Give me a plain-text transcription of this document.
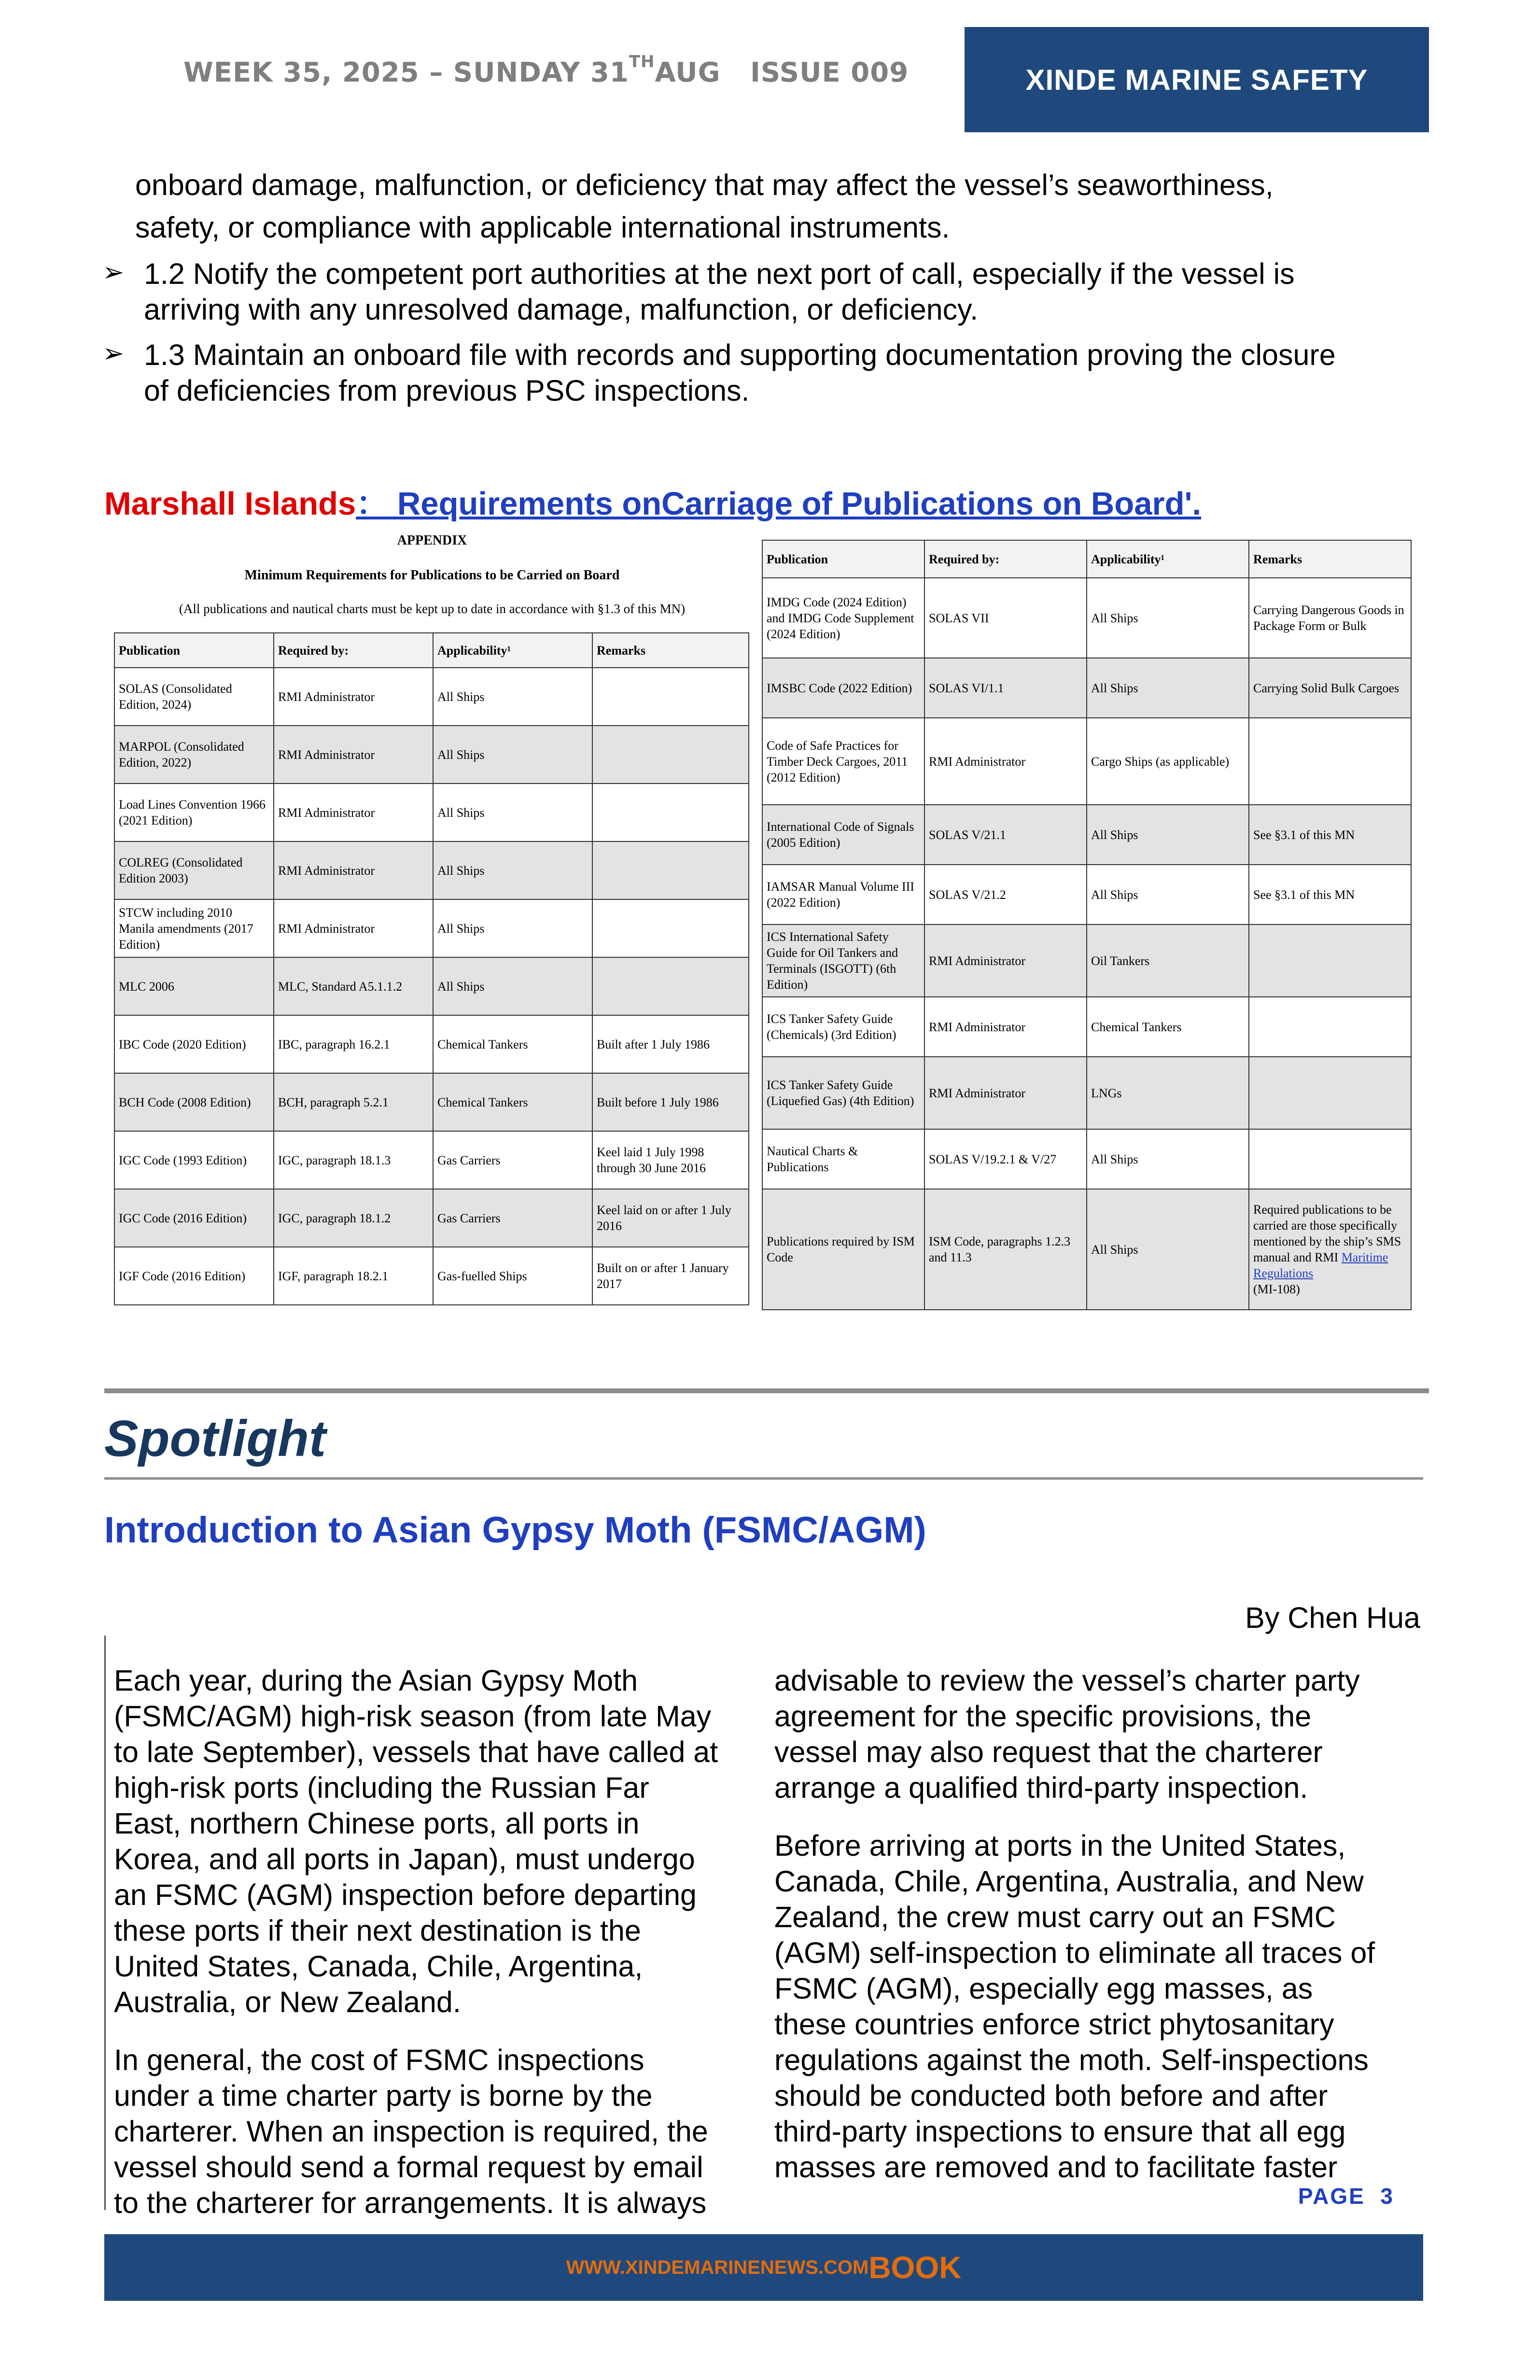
WEEK 35, 2025 – SUNDAY 31THAUG ISSUE 009	XINDE MARINE SAFETY
onboard damage, malfunction, or deficiency that may affect the vessel’s seaworthiness,
safety, or compliance with applicable international instruments.
➢ 1.2 Notify the competent port authorities at the next port of call, especially if the vessel is
arriving with any unresolved damage, malfunction, or deficiency.
➢ 1.3 Maintain an onboard file with records and supporting documentation proving the closure
of deficiencies from previous PSC inspections.
Marshall Islands： Requirements onCarriage of Publications on Board'.
APPENDIX
Minimum Requirements for Publications to be Carried on Board
(All publications and nautical charts must be kept up to date in accordance with §1.3 of this MN)
Publication	Required by:	Applicability¹	Remarks
SOLAS (Consolidated Edition, 2024)	RMI Administrator	All Ships	
MARPOL (Consolidated Edition, 2022)	RMI Administrator	All Ships	
Load Lines Convention 1966 (2021 Edition)	RMI Administrator	All Ships	
COLREG (Consolidated Edition 2003)	RMI Administrator	All Ships	
STCW including 2010 Manila amendments (2017 Edition)	RMI Administrator	All Ships	
MLC 2006	MLC, Standard A5.1.1.2	All Ships	
IBC Code (2020 Edition)	IBC, paragraph 16.2.1	Chemical Tankers	Built after 1 July 1986
BCH Code (2008 Edition)	BCH, paragraph 5.2.1	Chemical Tankers	Built before 1 July 1986
IGC Code (1993 Edition)	IGC, paragraph 18.1.3	Gas Carriers	Keel laid 1 July 1998 through 30 June 2016
IGC Code (2016 Edition)	IGC, paragraph 18.1.2	Gas Carriers	Keel laid on or after 1 July 2016
IGF Code (2016 Edition)	IGF, paragraph 18.2.1	Gas-fuelled Ships	Built on or after 1 January 2017
Publication	Required by:	Applicability¹	Remarks
IMDG Code (2024 Edition) and IMDG Code Supplement (2024 Edition)	SOLAS VII	All Ships	Carrying Dangerous Goods in Package Form or Bulk
IMSBC Code (2022 Edition)	SOLAS VI/1.1	All Ships	Carrying Solid Bulk Cargoes
Code of Safe Practices for Timber Deck Cargoes, 2011 (2012 Edition)	RMI Administrator	Cargo Ships (as applicable)	
International Code of Signals (2005 Edition)	SOLAS V/21.1	All Ships	See §3.1 of this MN
IAMSAR Manual Volume III (2022 Edition)	SOLAS V/21.2	All Ships	See §3.1 of this MN
ICS International Safety Guide for Oil Tankers and Terminals (ISGOTT) (6th Edition)	RMI Administrator	Oil Tankers	
ICS Tanker Safety Guide (Chemicals) (3rd Edition)	RMI Administrator	Chemical Tankers	
ICS Tanker Safety Guide (Liquefied Gas) (4th Edition)	RMI Administrator	LNGs	
Nautical Charts & Publications	SOLAS V/19.2.1 & V/27	All Ships	
Publications required by ISM Code	ISM Code, paragraphs 1.2.3 and 11.3	All Ships	Required publications to be carried are those specifically mentioned by the ship’s SMS manual and RMI Maritime Regulations
(MI-108)
Spotlight
Introduction to Asian Gypsy Moth (FSMC/AGM)
By Chen Hua

Each year, during the Asian Gypsy Moth
(FSMC/AGM) high-risk season (from late May
to late September), vessels that have called at
high-risk ports (including the Russian Far
East, northern Chinese ports, all ports in
Korea, and all ports in Japan), must undergo
an FSMC (AGM) inspection before departing
these ports if their next destination is the
United States, Canada, Chile, Argentina,
Australia, or New Zealand.

In general, the cost of FSMC inspections
under a time charter party is borne by the
charterer. When an inspection is required, the
vessel should send a formal request by email
to the charterer for arrangements. It is always

advisable to review the vessel’s charter party
agreement for the specific provisions, the
vessel may also request that the charterer
arrange a qualified third-party inspection.

Before arriving at ports in the United States,
Canada, Chile, Argentina, Australia, and New
Zealand, the crew must carry out an FSMC
(AGM) self-inspection to eliminate all traces of
FSMC (AGM), especially egg masses, as
these countries enforce strict phytosanitary
regulations against the moth. Self-inspections
should be conducted both before and after
third-party inspections to ensure that all egg
masses are removed and to facilitate faster

PAGE 3
WWW.XINDEMARINENEWS.COM BOOK
